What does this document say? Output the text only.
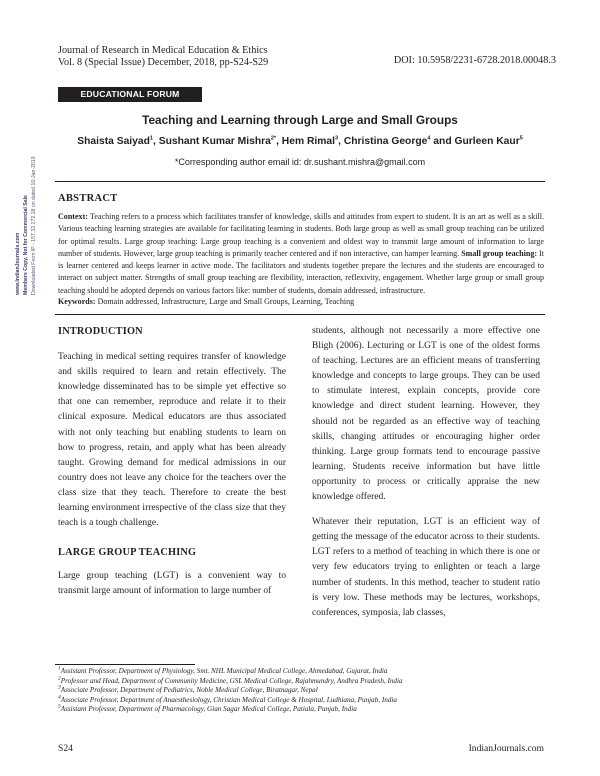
Journal of Research in Medical Education & Ethics
Vol. 8 (Special Issue) December, 2018, pp-S24-S29	DOI: 10.5958/2231-6728.2018.00048.3
EDUCATIONAL FORUM
Teaching and Learning through Large and Small Groups
Shaista Saiyad$^1$, Sushant Kumar Mishra$^{2*}$, Hem Rimal$^3$, Christina George$^4$ and Gurleen Kaur$^5$
*Corresponding author email id: dr.sushant.mishra@gmail.com
ABSTRACT
Context: Teaching refers to a process which facilitates transfer of knowledge, skills and attitudes from expert to student. It is an art as well as a skill. Various teaching learning strategies are available for facilitating learning in students. Both large group as well as small group teaching can be utilized for optimal results. Large group teaching: Large group teaching is a convenient and oldest way to transmit large amount of information to large number of students. However, large group teaching is primarily teacher centered and if non interactive, can hamper learning. Small group teaching: It is learner centered and keeps learner in active mode. The facilitators and students together prepare the lectures and the students are encouraged to interact on subject matter. Strengths of small group teaching are flexibility, interaction, reflexivity, engagement. Whether large group or small group teaching should be adopted depends on various factors like: number of students, domain addressed, infrastructure.
Keywords: Domain addressed, Infrastructure, Large and Small Groups, Learning, Teaching
www.IndianJournals.com Members Copy, Not for Commercial Sale Downloaded From IP - 157.32.172.18 on dated 10-Jan-2019
INTRODUCTION

Teaching in medical setting requires transfer of knowledge and skills required to learn and retain effectively. The knowledge disseminated has to be simple yet effective so that one can remember, reproduce and relate it to their clinical exposure. Medical educators are thus associated with not only teaching but enabling students to learn on how to progress, retain, and apply what has been already taught. Growing demand for medical admissions in our country does not leave any choice for the teachers over the class size that they teach. Therefore to create the best learning environment irrespective of the class size that they teach is a tough challenge.

LARGE GROUP TEACHING

Large group teaching (LGT) is a convenient way to transmit large amount of information to large number of

students, although not necessarily a more effective one Bligh (2006). Lecturing or LGT is one of the oldest forms of teaching. Lectures are an efficient means of transferring knowledge and concepts to large groups. They can be used to stimulate interest, explain concepts, provide core knowledge and direct student learning. However, they should not be regarded as an effective way of teaching skills, changing attitudes or encouraging higher order thinking. Large group formats tend to encourage passive learning. Students receive information but have little opportunity to process or critically appraise the new knowledge offered.

Whatever their reputation, LGT is an efficient way of getting the message of the educator across to their students. LGT refers to a method of teaching in which there is one or very few educators trying to enlighten or teach a large number of students. In this method, teacher to student ratio is very low. These methods may be lectures, workshops, conferences, symposia, lab classes,

$^1$Assistant Professor, Department of Physiology, Smt. NHL Municipal Medical College, Ahmedabad, Gujarat, India
$^2$Professor and Head, Department of Community Medicine, GSL Medical College, Rajahmundry, Andhra Pradesh, India
$^3$Associate Professor, Department of Pediatrics, Noble Medical College, Biratnagar, Nepal
$^4$Associate Professor, Department of Anaesthesiology, Christian Medical College & Hospital, Ludhiana, Punjab, India
$^5$Assistant Professor, Department of Pharmacology, Gian Sagar Medical College, Patiala, Punjab, India
S24	IndianJournals.com
